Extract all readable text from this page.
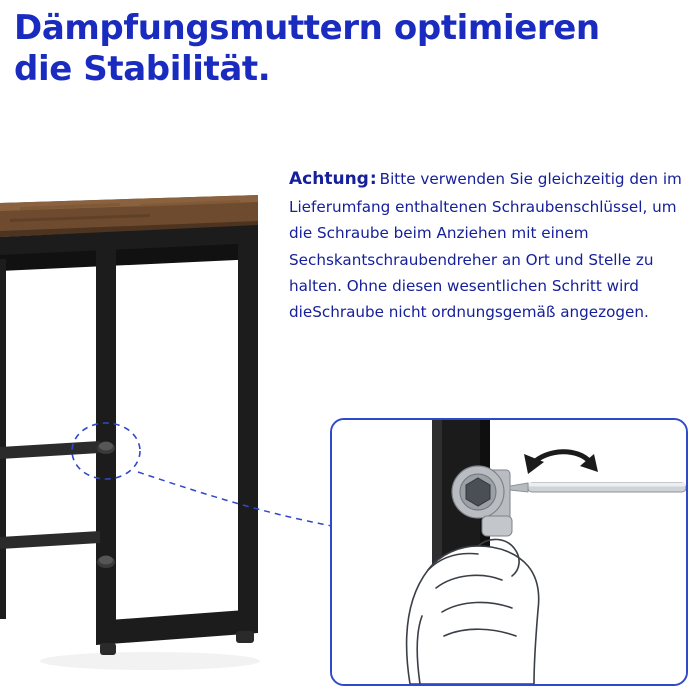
Dämpfungsmuttern optimieren
die Stabilität.
Achtung: Bitte verwenden Sie gleichzeitig den im Lieferumfang enthaltenen Schraubenschlüssel, um die Schraube beim Anziehen mit einem Sechskantschraubendreher an Ort und Stelle zu halten. Ohne diesen wesentlichen Schritt wird dieSchraube nicht ordnungsgemäß angezogen.
